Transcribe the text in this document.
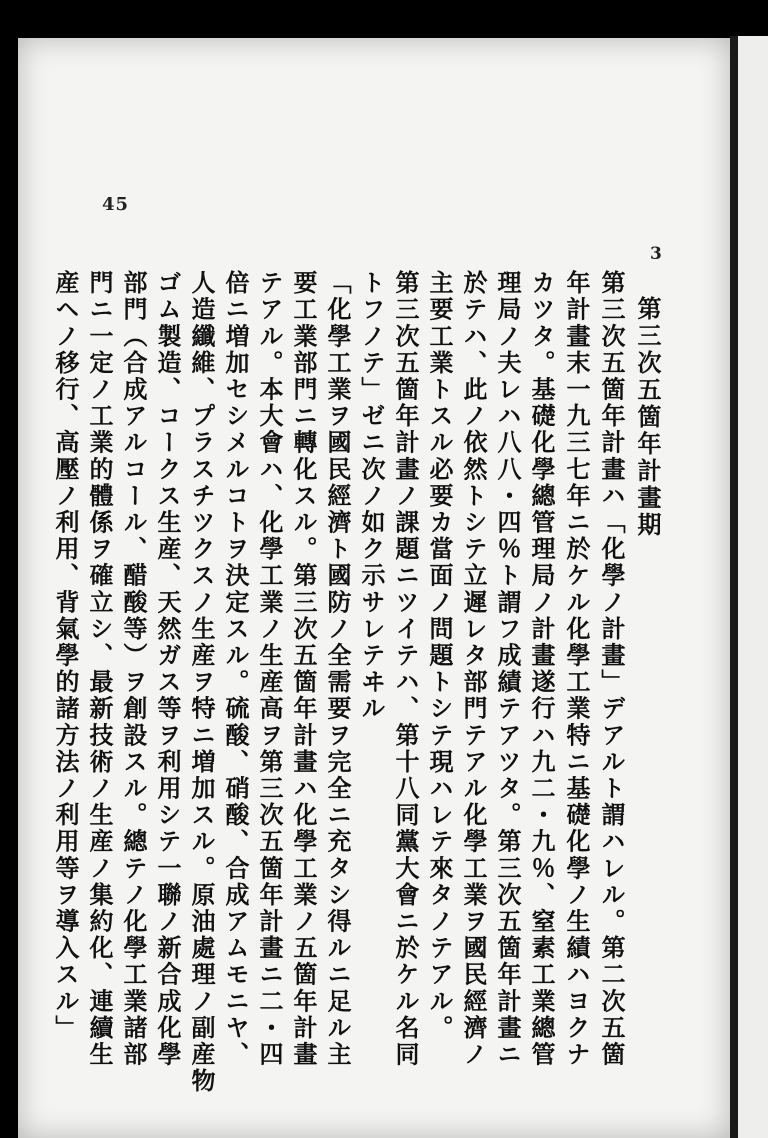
45
3
第三次五箇年計畫期
第三次五箇年計畫ハ「化學ノ計畫」デアルト謂ハレル。第二次五箇
年計畫末一九三七年ニ於ケル化學工業特ニ基礎化學ノ生績ハヨクナ
カツタ。基礎化學總管理局ノ計畫遂行ハ九二・九％、窒素工業總管
理局ノ夫レハ八八・四％ト謂フ成績テアツタ。第三次五箇年計畫ニ
於テハ、此ノ依然トシテ立遲レタ部門テアル化學工業ヲ國民經濟ノ
主要工業トスル必要カ當面ノ問題トシテ現ハレテ來タノテアル。
第三次五箇年計畫ノ課題ニツイテハ、第十八同黨大會ニ於ケル名同
トフノテ」ゼニ次ノ如ク示サレテヰル
「化學工業ヲ國民經濟ト國防ノ全需要ヲ完全ニ充タシ得ルニ足ル主
要工業部門ニ轉化スル。第三次五箇年計畫ハ化學工業ノ五箇年計畫
テアル。本大會ハ、化學工業ノ生産高ヲ第三次五箇年計畫ニ二・四
倍ニ増加セシメルコトヲ決定スル。硫酸、硝酸、合成アムモニヤ、
人造纖維、プラスチツクスノ生産ヲ特ニ増加スル。原油處理ノ副産物
ゴム製造、コークス生産、天然ガス等ヲ利用シテ一聯ノ新合成化學
部門（合成アルコール、醋酸等）ヲ創設スル。總テノ化學工業諸部
門ニ一定ノ工業的體係ヲ確立シ、最新技術ノ生産ノ集約化、連續生
産ヘノ移行、高壓ノ利用、背氣學的諸方法ノ利用等ヲ導入スル」
